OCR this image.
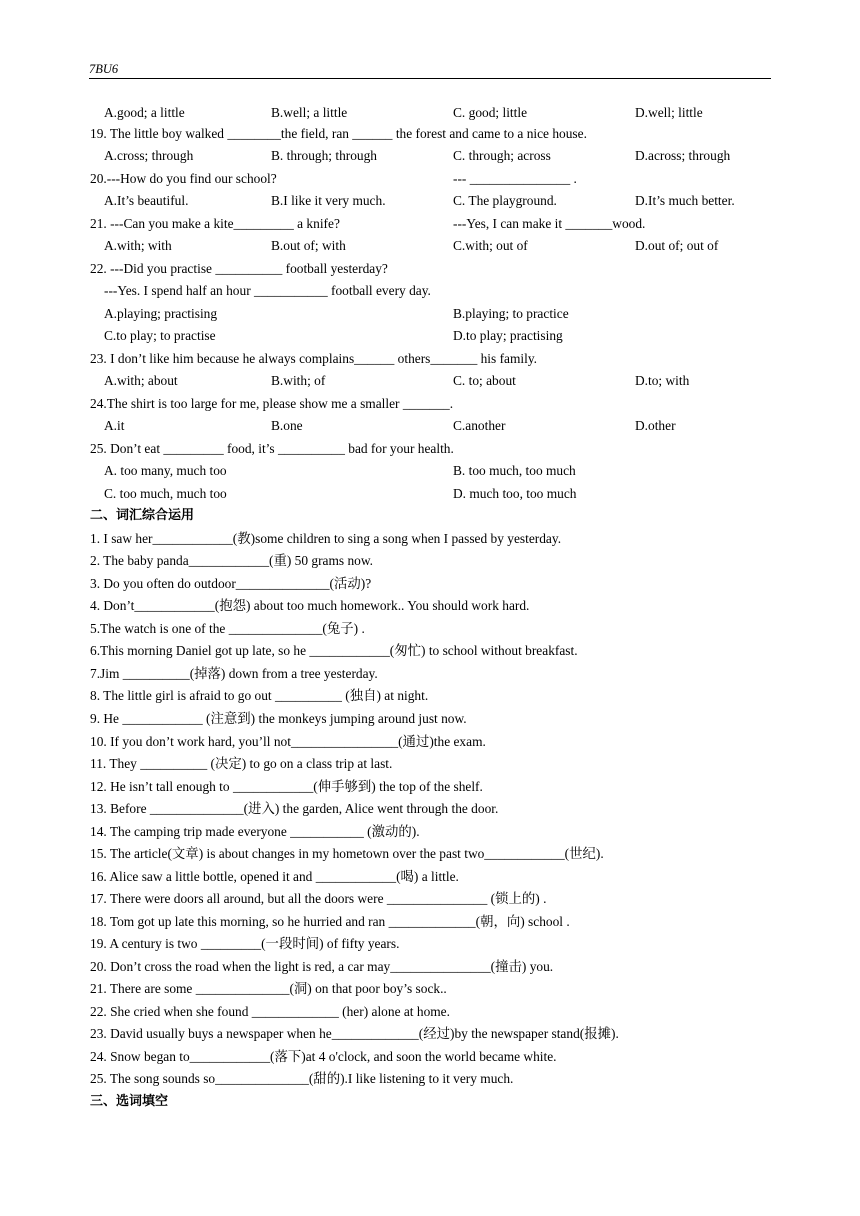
7BU6
A.good; a little	B.well; a little	C. good; little	D.well; little
19. The little boy walked ________the field, ran ______ the forest and came to a nice house.
A.cross; through	B. through; through	C. through; across	D.across; through
20.---How do you find our school?	--- _______________ .
A.It’s beautiful.	B.I like it very much.	C. The playground.	D.It’s much better.
21. ---Can you make a kite_________ a knife?	---Yes, I can make it _______wood.
A.with; with	B.out of; with	C.with; out of	D.out of; out of
22. ---Did you practise __________ football yesterday?
---Yes. I spend half an hour ___________ football every day.
A.playing; practising	B.playing; to practice
C.to play; to practise	D.to play; practising
23. I don’t like him because he always complains______ others_______ his family.
A.with; about	B.with; of	C. to; about	D.to; with
24.The shirt is too large for me, please show me a smaller _______.
A.it	B.one	C.another	D.other
25. Don’t eat _________ food, it’s __________ bad for your health.
A. too many, much too	B. too much, too much
C. too much, much too	D. much too, too much
二、词汇综合运用
1. I saw her____________(教)some children to sing a song when I passed by yesterday.
2. The baby panda____________(重) 50 grams now.
3. Do you often do outdoor______________(活动)?
4. Don’t____________(抱怨) about too much homework.. You should work hard.
5.The watch is one of the ______________(兔子) .
6.This morning Daniel got up late, so he ____________(匆忙) to school without breakfast.
7.Jim __________(掉落) down from a tree yesterday.
8. The little girl is afraid to go out __________ (独自) at night.
9. He ____________ (注意到) the monkeys jumping around just now.
10. If you don’t work hard, you’ll not________________(通过)the exam.
11. They __________ (决定) to go on a class trip at last.
12. He isn’t tall enough to ____________(伸手够到) the top of the shelf.
13. Before ______________(进入) the garden, Alice went through the door.
14. The camping trip made everyone ___________ (激动的).
15. The article(文章) is about changes in my hometown over the past two____________(世纪).
16. Alice saw a little bottle, opened it and ____________(喝) a little.
17. There were doors all around, but all the doors were _______________ (锁上的) .
18. Tom got up late this morning, so he hurried and ran _____________(朝，向) school .
19. A century is two _________(一段时间) of fifty years.
20. Don’t cross the road when the light is red, a car may_______________(撞击) you.
21. There are some ______________(洞) on that poor boy’s sock..
22. She cried when she found _____________ (her) alone at home.
23. David usually buys a newspaper when he_____________(经过)by the newspaper stand(报摊).
24. Snow began to____________(落下)at 4 o'clock, and soon the world became white.
25. The song sounds so______________(甜的).I like listening to it very much.
三、选词填空
